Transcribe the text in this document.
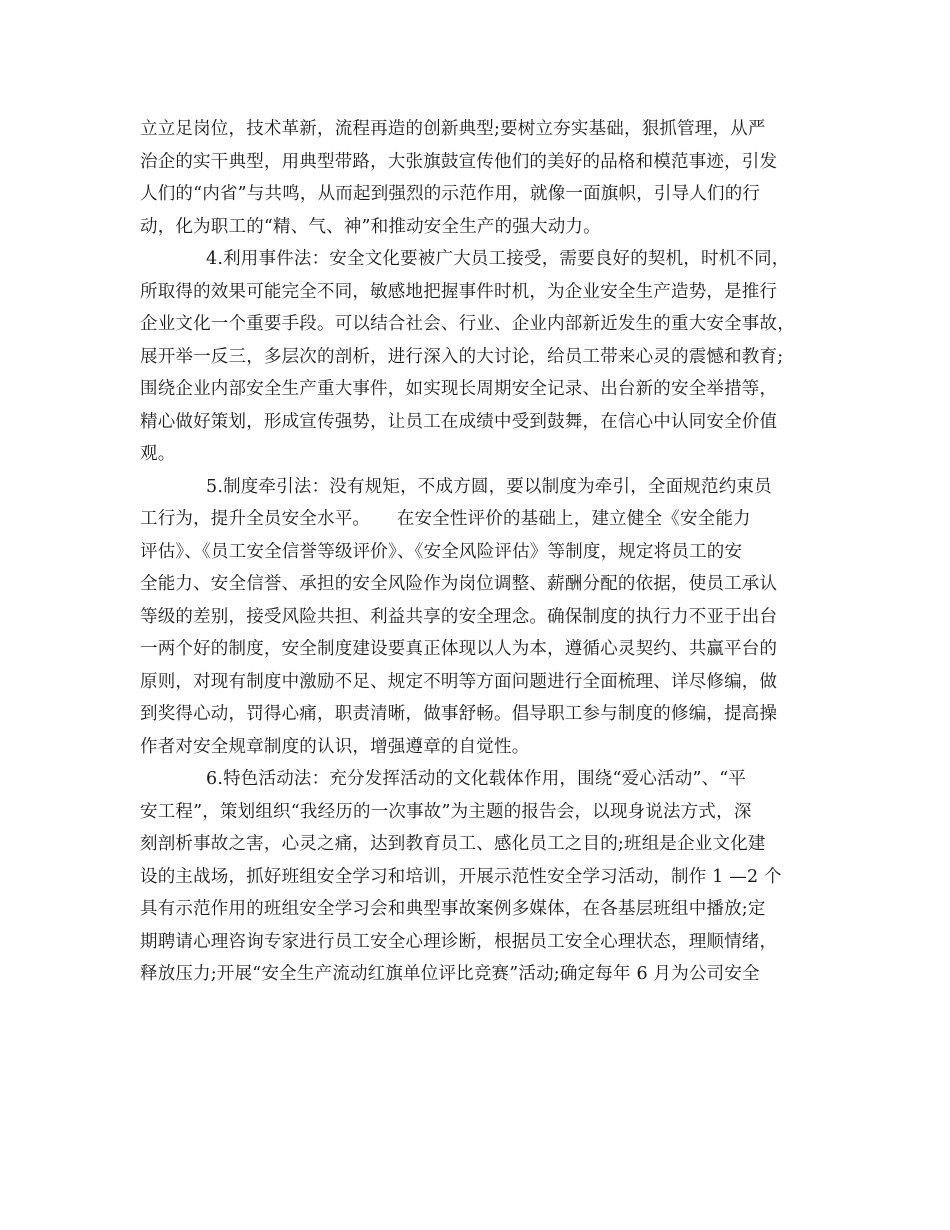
立立足岗位，技术革新，流程再造的创新典型;要树立夯实基础，狠抓管理，从严
治企的实干典型，用典型带路，大张旗鼓宣传他们的美好的品格和模范事迹，引发
人们的“内省”与共鸣，从而起到强烈的示范作用，就像一面旗帜，引导人们的行
动，化为职工的“精、气、神”和推动安全生产的强大动力。
4.利用事件法：安全文化要被广大员工接受，需要良好的契机，时机不同，
所取得的效果可能完全不同，敏感地把握事件时机，为企业安全生产造势，是推行
企业文化一个重要手段。可以结合社会、行业、企业内部新近发生的重大安全事故，
展开举一反三，多层次的剖析，进行深入的大讨论，给员工带来心灵的震憾和教育;
围绕企业内部安全生产重大事件，如实现长周期安全记录、出台新的安全举措等，
精心做好策划，形成宣传强势，让员工在成绩中受到鼓舞，在信心中认同安全价值
观。
5.制度牵引法：没有规矩，不成方圆，要以制度为牵引，全面规范约束员
工行为，提升全员安全水平。　　在安全性评价的基础上，建立健全《安全能力
评估》、《员工安全信誉等级评价》、《安全风险评估》等制度，规定将员工的安
全能力、安全信誉、承担的安全风险作为岗位调整、薪酬分配的依据，使员工承认
等级的差别，接受风险共担、利益共享的安全理念。确保制度的执行力不亚于出台
一两个好的制度，安全制度建设要真正体现以人为本，遵循心灵契约、共赢平台的
原则，对现有制度中激励不足、规定不明等方面问题进行全面梳理、详尽修编，做
到奖得心动，罚得心痛，职责清晰，做事舒畅。倡导职工参与制度的修编，提高操
作者对安全规章制度的认识，增强遵章的自觉性。
6.特色活动法：充分发挥活动的文化载体作用，围绕“爱心活动”、“平
安工程”，策划组织“我经历的一次事故”为主题的报告会，以现身说法方式，深
刻剖析事故之害，心灵之痛，达到教育员工、感化员工之目的;班组是企业文化建
设的主战场，抓好班组安全学习和培训，开展示范性安全学习活动，制作 1 —2 个
具有示范作用的班组安全学习会和典型事故案例多媒体，在各基层班组中播放;定
期聘请心理咨询专家进行员工安全心理诊断，根据员工安全心理状态，理顺情绪，
释放压力;开展“安全生产流动红旗单位评比竞赛”活动;确定每年 6 月为公司安全
